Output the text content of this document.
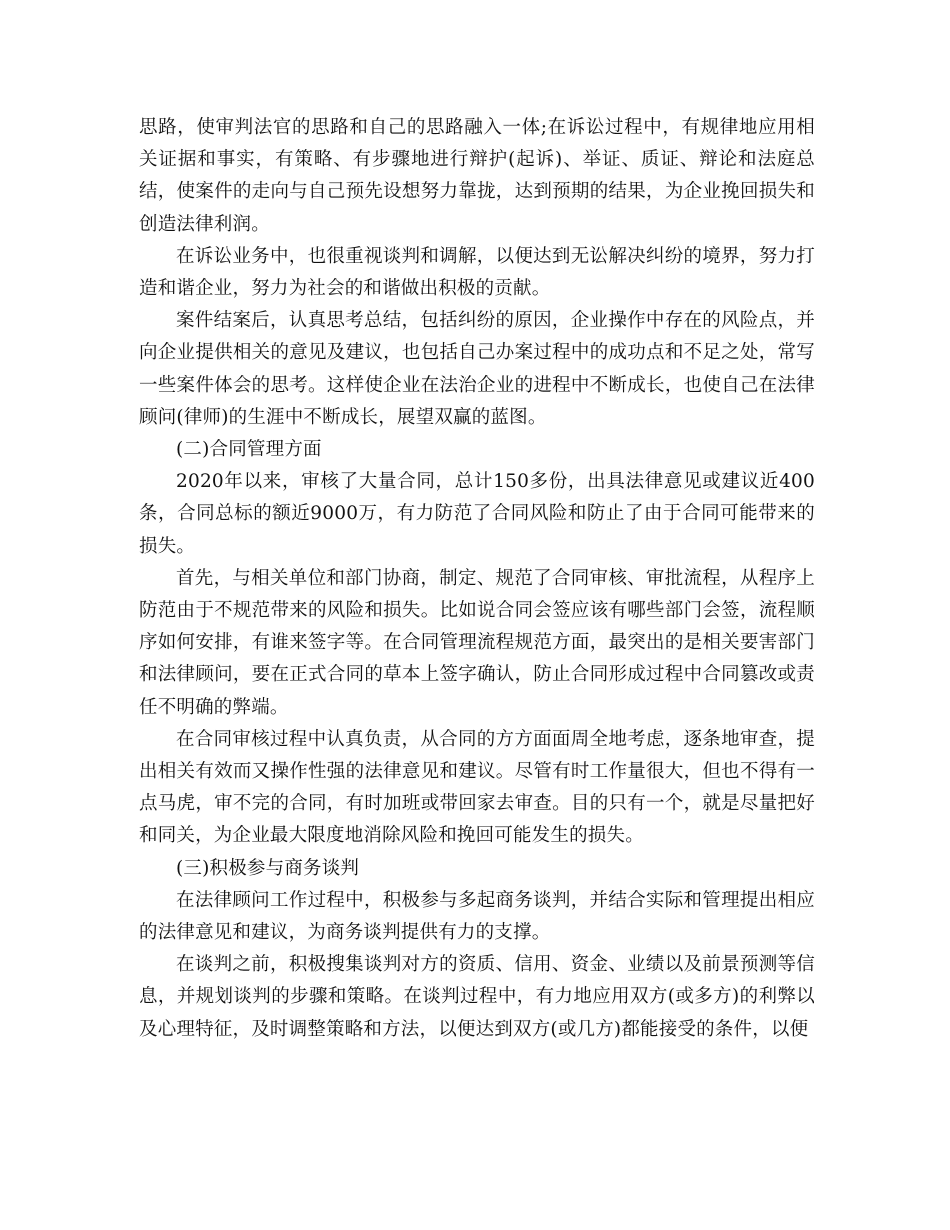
思路，使审判法官的思路和自己的思路融入一体;在诉讼过程中，有规律地应用相关证据和事实，有策略、有步骤地进行辩护(起诉)、举证、质证、辩论和法庭总结，使案件的走向与自己预先设想努力靠拢，达到预期的结果，为企业挽回损失和创造法律利润。

在诉讼业务中，也很重视谈判和调解，以便达到无讼解决纠纷的境界，努力打造和谐企业，努力为社会的和谐做出积极的贡献。

案件结案后，认真思考总结，包括纠纷的原因，企业操作中存在的风险点，并向企业提供相关的意见及建议，也包括自己办案过程中的成功点和不足之处，常写一些案件体会的思考。这样使企业在法治企业的进程中不断成长，也使自己在法律顾问(律师)的生涯中不断成长，展望双赢的蓝图。

(二)合同管理方面

2020年以来，审核了大量合同，总计150多份，出具法律意见或建议近400条，合同总标的额近9000万，有力防范了合同风险和防止了由于合同可能带来的损失。

首先，与相关单位和部门协商，制定、规范了合同审核、审批流程，从程序上防范由于不规范带来的风险和损失。比如说合同会签应该有哪些部门会签，流程顺序如何安排，有谁来签字等。在合同管理流程规范方面，最突出的是相关要害部门和法律顾问，要在正式合同的草本上签字确认，防止合同形成过程中合同篡改或责任不明确的弊端。

在合同审核过程中认真负责，从合同的方方面面周全地考虑，逐条地审查，提出相关有效而又操作性强的法律意见和建议。尽管有时工作量很大，但也不得有一点马虎，审不完的合同，有时加班或带回家去审查。目的只有一个，就是尽量把好和同关，为企业最大限度地消除风险和挽回可能发生的损失。

(三)积极参与商务谈判

在法律顾问工作过程中，积极参与多起商务谈判，并结合实际和管理提出相应的法律意见和建议，为商务谈判提供有力的支撑。

在谈判之前，积极搜集谈判对方的资质、信用、资金、业绩以及前景预测等信息，并规划谈判的步骤和策略。在谈判过程中，有力地应用双方(或多方)的利弊以及心理特征，及时调整策略和方法，以便达到双方(或几方)都能接受的条件，以便
